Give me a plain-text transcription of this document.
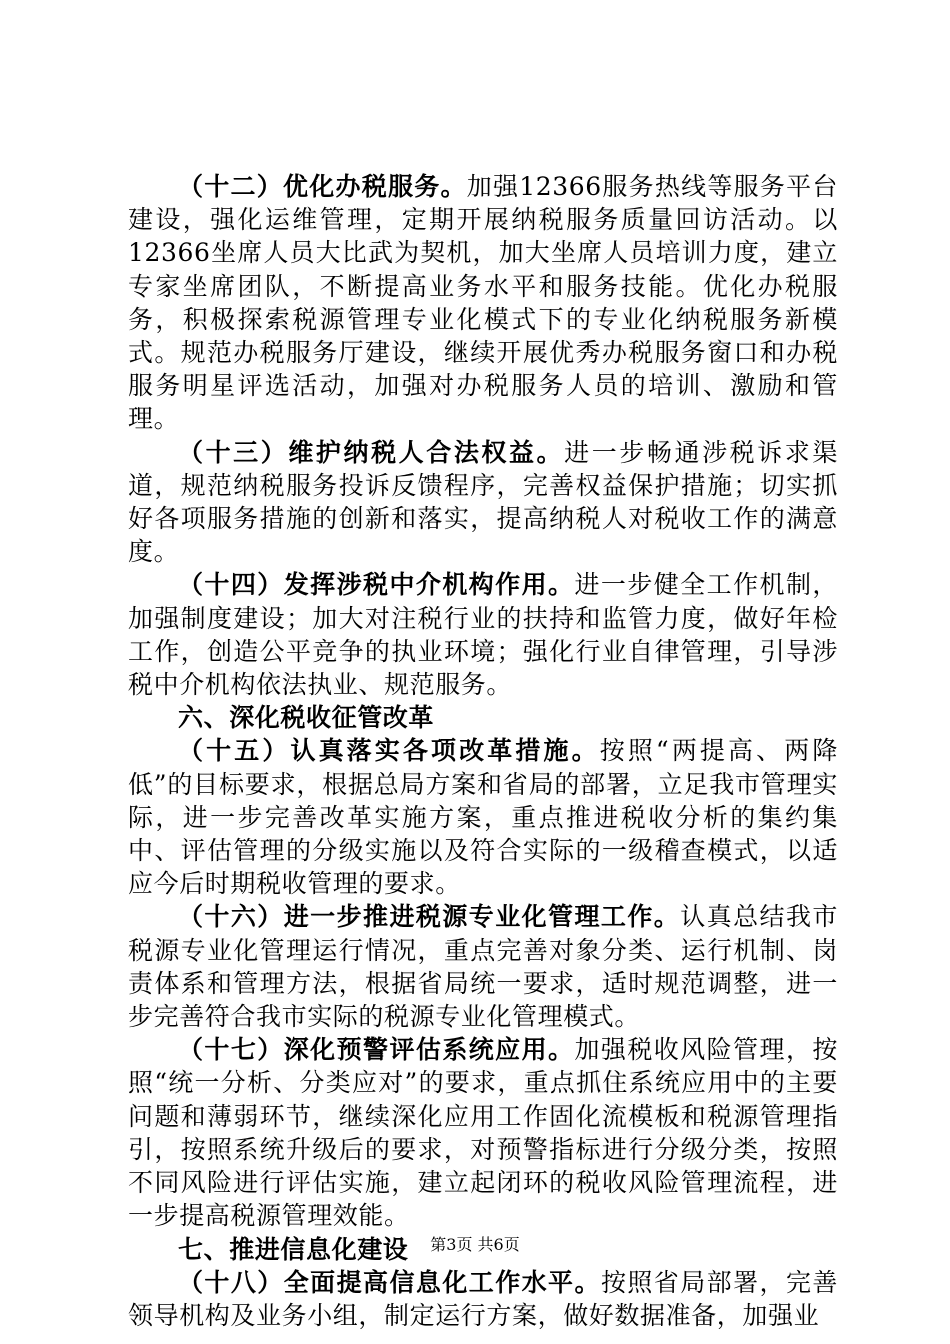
（十二）优化办税服务。加强12366服务热线等服务平台建设，强化运维管理，定期开展纳税服务质量回访活动。以12366坐席人员大比武为契机，加大坐席人员培训力度，建立专家坐席团队，不断提高业务水平和服务技能。优化办税服务，积极探索税源管理专业化模式下的专业化纳税服务新模式。规范办税服务厅建设，继续开展优秀办税服务窗口和办税服务明星评选活动，加强对办税服务人员的培训、激励和管理。

（十三）维护纳税人合法权益。进一步畅通涉税诉求渠道，规范纳税服务投诉反馈程序，完善权益保护措施；切实抓好各项服务措施的创新和落实，提高纳税人对税收工作的满意度。

（十四）发挥涉税中介机构作用。进一步健全工作机制，加强制度建设；加大对注税行业的扶持和监管力度，做好年检工作，创造公平竞争的执业环境；强化行业自律管理，引导涉税中介机构依法执业、规范服务。

六、深化税收征管改革

（十五）认真落实各项改革措施。按照“两提高、两降低”的目标要求，根据总局方案和省局的部署，立足我市管理实际，进一步完善改革实施方案，重点推进税收分析的集约集中、评估管理的分级实施以及符合实际的一级稽查模式，以适应今后时期税收管理的要求。

（十六）进一步推进税源专业化管理工作。认真总结我市税源专业化管理运行情况，重点完善对象分类、运行机制、岗责体系和管理方法，根据省局统一要求，适时规范调整，进一步完善符合我市实际的税源专业化管理模式。

（十七）深化预警评估系统应用。加强税收风险管理，按照“统一分析、分类应对”的要求，重点抓住系统应用中的主要问题和薄弱环节，继续深化应用工作固化流模板和税源管理指引，按照系统升级后的要求，对预警指标进行分级分类，按照不同风险进行评估实施，建立起闭环的税收风险管理流程，进一步提高税源管理效能。

七、推进信息化建设

（十八）全面提高信息化工作水平。按照省局部署，完善领导机构及业务小组，制定运行方案，做好数据准备，加强业

第3页 共6页
